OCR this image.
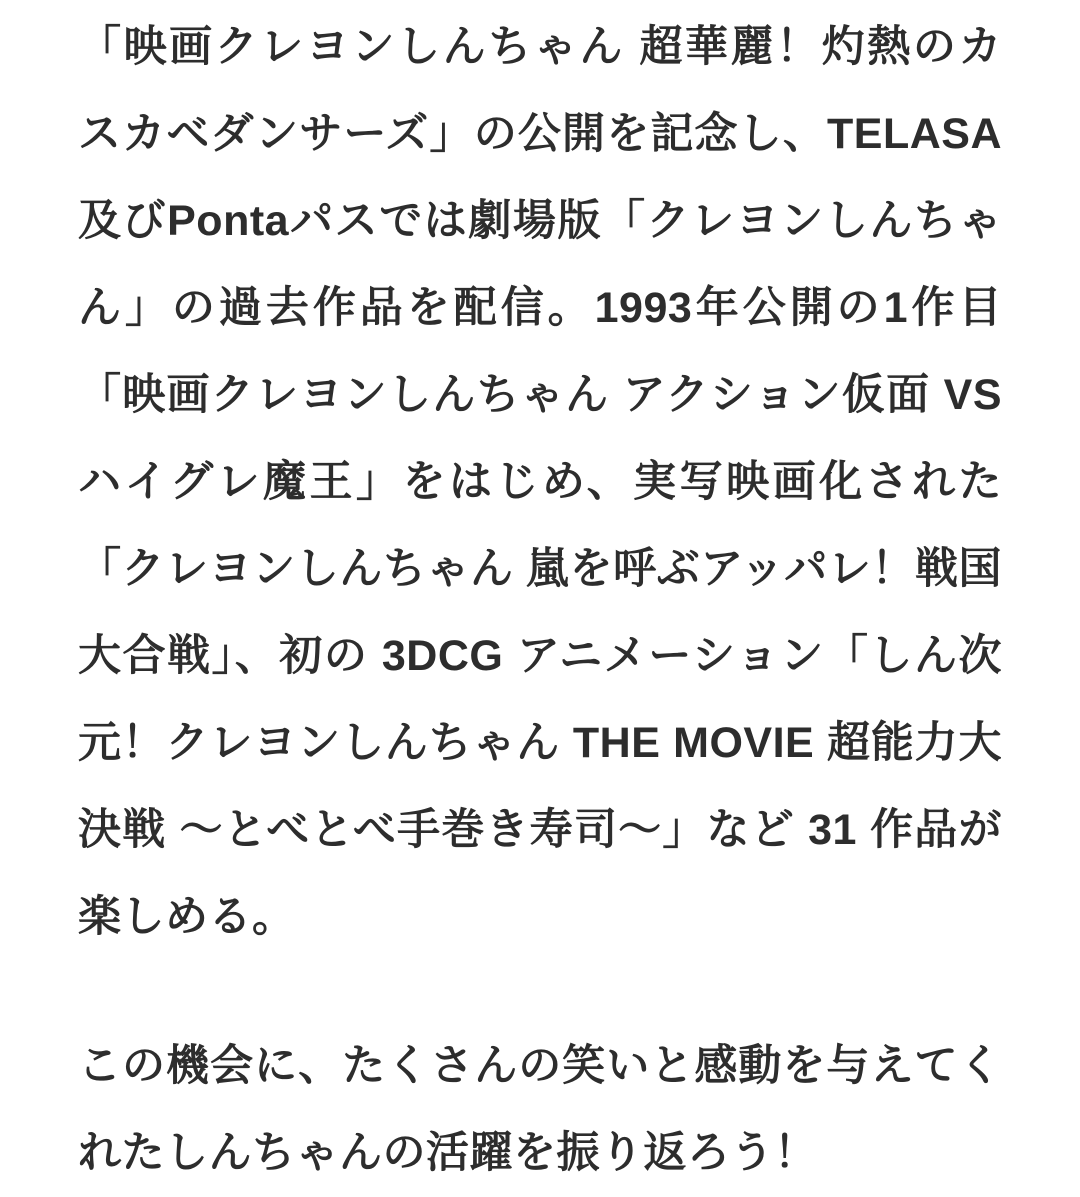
「映画クレヨンしんちゃん 超華麗！灼熱のカスカベダンサーズ」の公開を記念し、TELASA及びPontaパスでは劇場版「クレヨンしんちゃん」の過去作品を配信。1993年公開の1作目「映画クレヨンしんちゃん アクション仮面 VS ハイグレ魔王」をはじめ、実写映画化された「クレヨンしんちゃん 嵐を呼ぶアッパレ！戦国大合戦」、初の 3DCG アニメーション「しん次元！クレヨンしんちゃん THE MOVIE 超能力大決戦 〜とべとべ手巻き寿司〜」など 31 作品が楽しめる。

この機会に、たくさんの笑いと感動を与えてくれたしんちゃんの活躍を振り返ろう！
